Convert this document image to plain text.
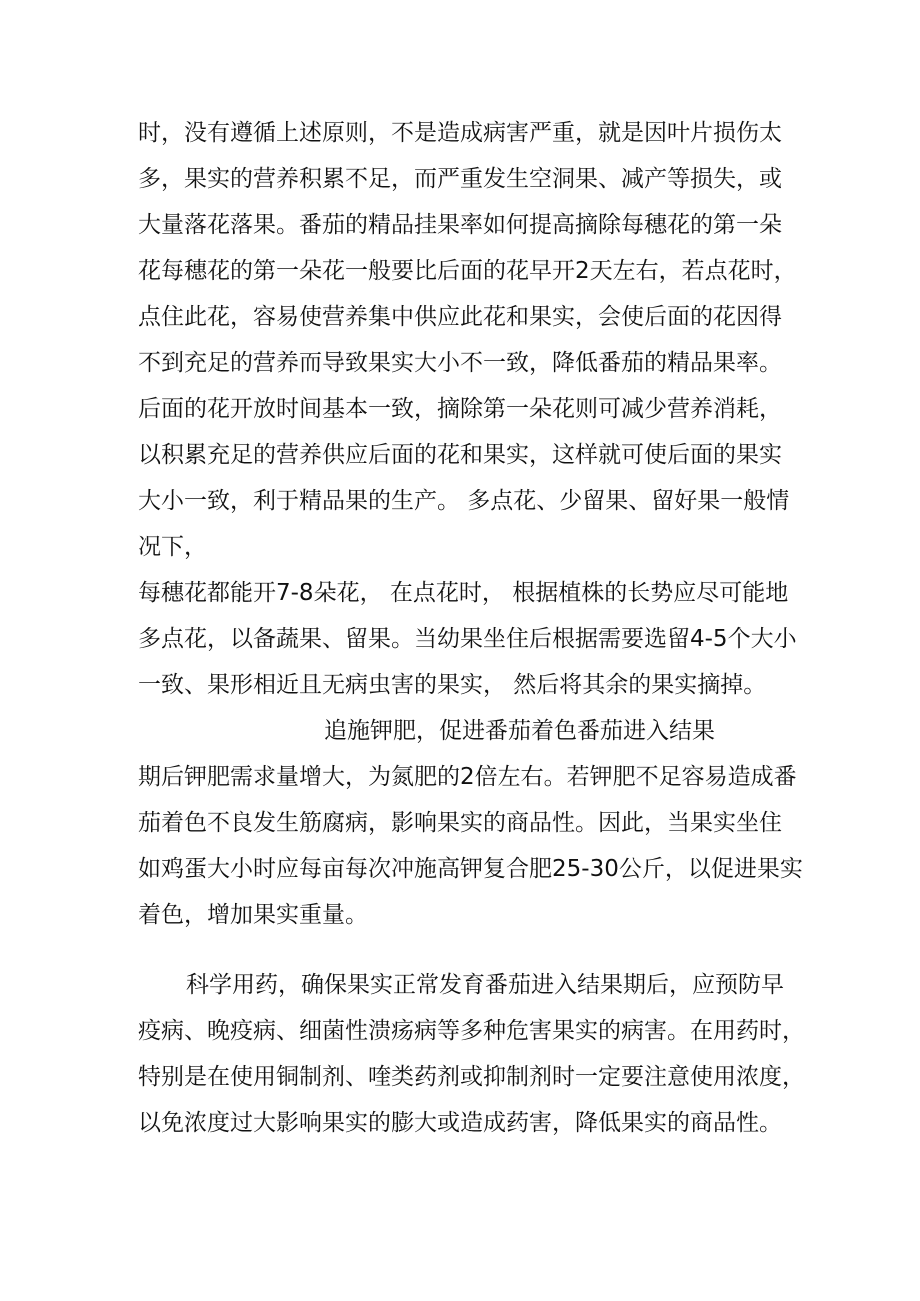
时，没有遵循上述原则，不是造成病害严重，就是因叶片损伤太
多，果实的营养积累不足，而严重发生空洞果、减产等损失，或
大量落花落果。番茄的精品挂果率如何提高摘除每穗花的第一朵
花每穗花的第一朵花一般要比后面的花早开2天左右，若点花时，
点住此花，容易使营养集中供应此花和果实，会使后面的花因得
不到充足的营养而导致果实大小不一致，降低番茄的精品果率。
后面的花开放时间基本一致，摘除第一朵花则可减少营养消耗，
以积累充足的营养供应后面的花和果实，这样就可使后面的果实
大小一致，利于精品果的生产。 多点花、少留果、留好果一般情
况下，
每穗花都能开7-8朵花， 在点花时， 根据植株的长势应尽可能地
多点花，以备蔬果、留果。当幼果坐住后根据需要选留4-5个大小
一致、果形相近且无病虫害的果实， 然后将其余的果实摘掉。
追施钾肥，促进番茄着色番茄进入结果
期后钾肥需求量增大，为氮肥的2倍左右。若钾肥不足容易造成番
茄着色不良发生筋腐病，影响果实的商品性。因此，当果实坐住
如鸡蛋大小时应每亩每次冲施高钾复合肥25-30公斤，以促进果实
着色，增加果实重量。
科学用药，确保果实正常发育番茄进入结果期后，应预防早
疫病、晚疫病、细菌性溃疡病等多种危害果实的病害。在用药时，
特别是在使用铜制剂、喹类药剂或抑制剂时一定要注意使用浓度，
以免浓度过大影响果实的膨大或造成药害，降低果实的商品性。
